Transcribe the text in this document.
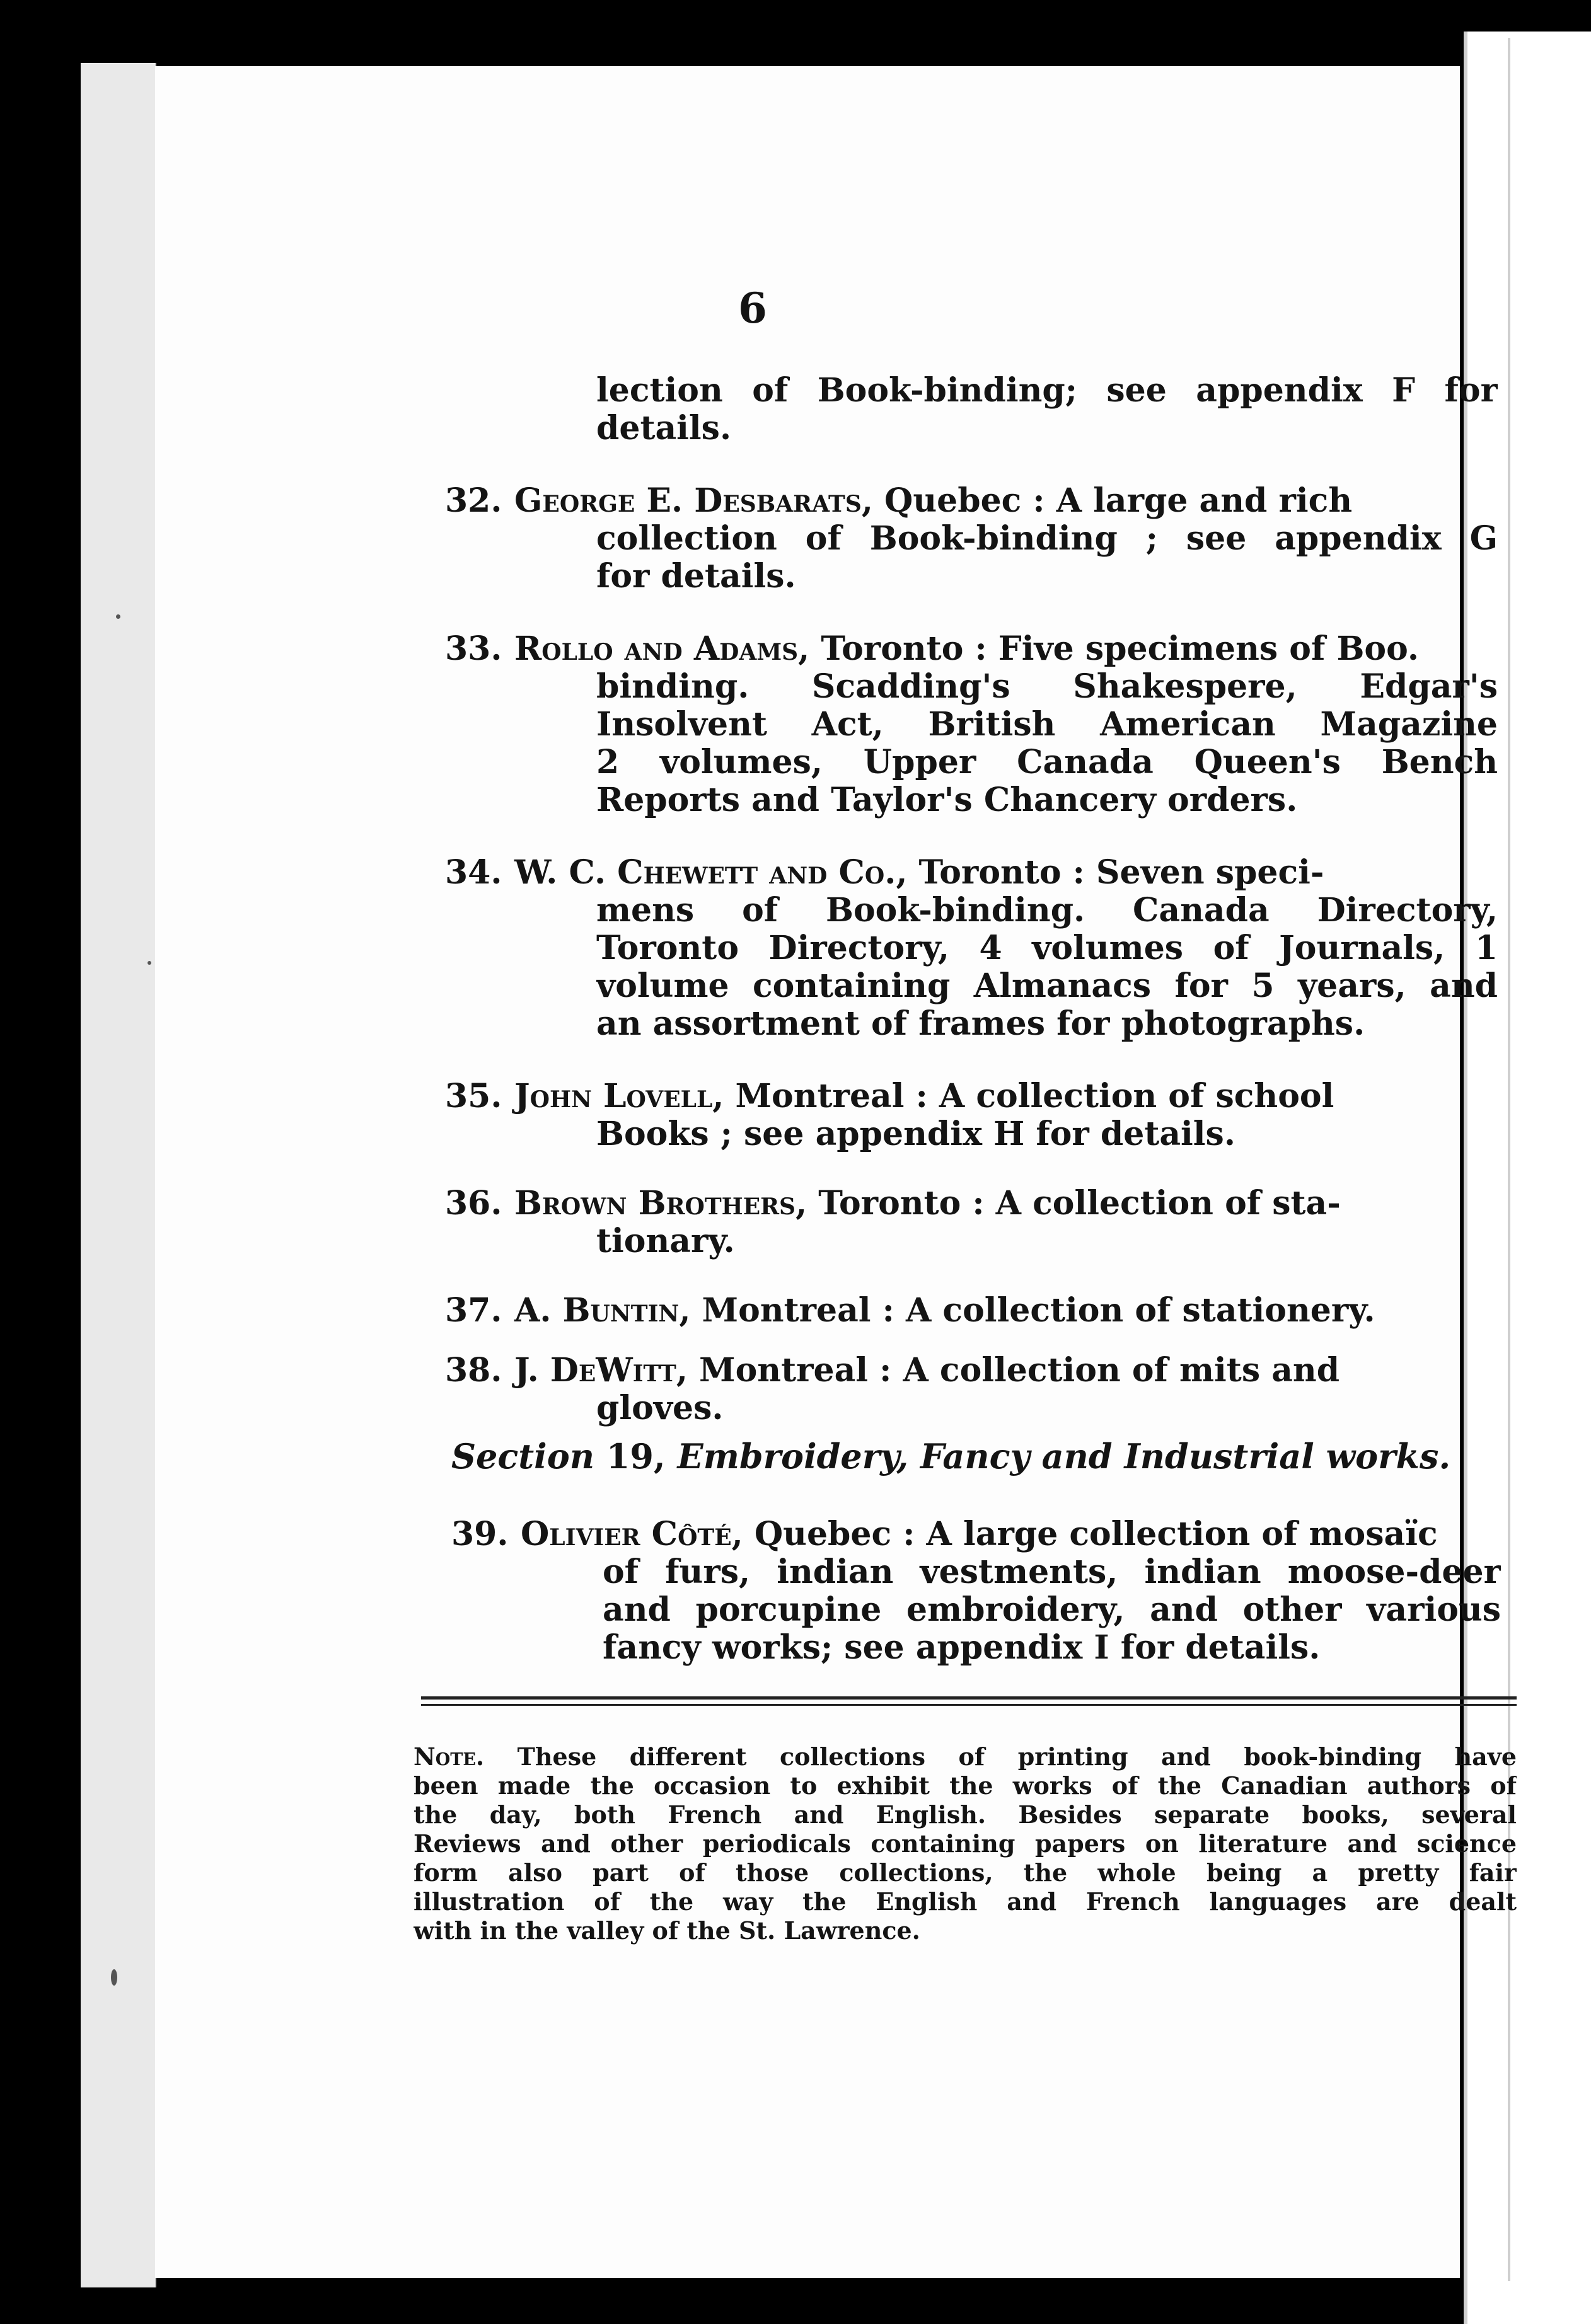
6
lection of Book-binding; see appendix F for
details.
32. George E. Desbarats, Quebec : A large and rich
collection of Book-binding ; see appendix G
for details.
33. Rollo and Adams, Toronto : Five specimens of Boo.
binding. Scadding's Shakespere, Edgar's
Insolvent Act, British American Magazine
2 volumes, Upper Canada Queen's Bench
Reports and Taylor's Chancery orders.
34. W. C. Chewett and Co., Toronto : Seven speci-
mens of Book-binding. Canada Directory,
Toronto Directory, 4 volumes of Journals, 1
volume containing Almanacs for 5 years, and
an assortment of frames for photographs.
35. John Lovell, Montreal : A collection of school
Books ; see appendix H for details.
36. Brown Brothers, Toronto : A collection of sta-
tionary.
37. A. Buntin, Montreal : A collection of stationery.
38. J. DeWitt, Montreal : A collection of mits and
gloves.
Section 19, Embroidery, Fancy and Industrial works.
39. Olivier Côté, Quebec : A large collection of mosaïc
of furs, indian vestments, indian moose-deer
and porcupine embroidery, and other various
fancy works; see appendix I for details.
Note. These different collections of printing and book-binding have
been made the occasion to exhibit the works of the Canadian authors of
the day, both French and English. Besides separate books, several
Reviews and other periodicals containing papers on literature and science
form also part of those collections, the whole being a pretty fair
illustration of the way the English and French languages are dealt
with in the valley of the St. Lawrence.
